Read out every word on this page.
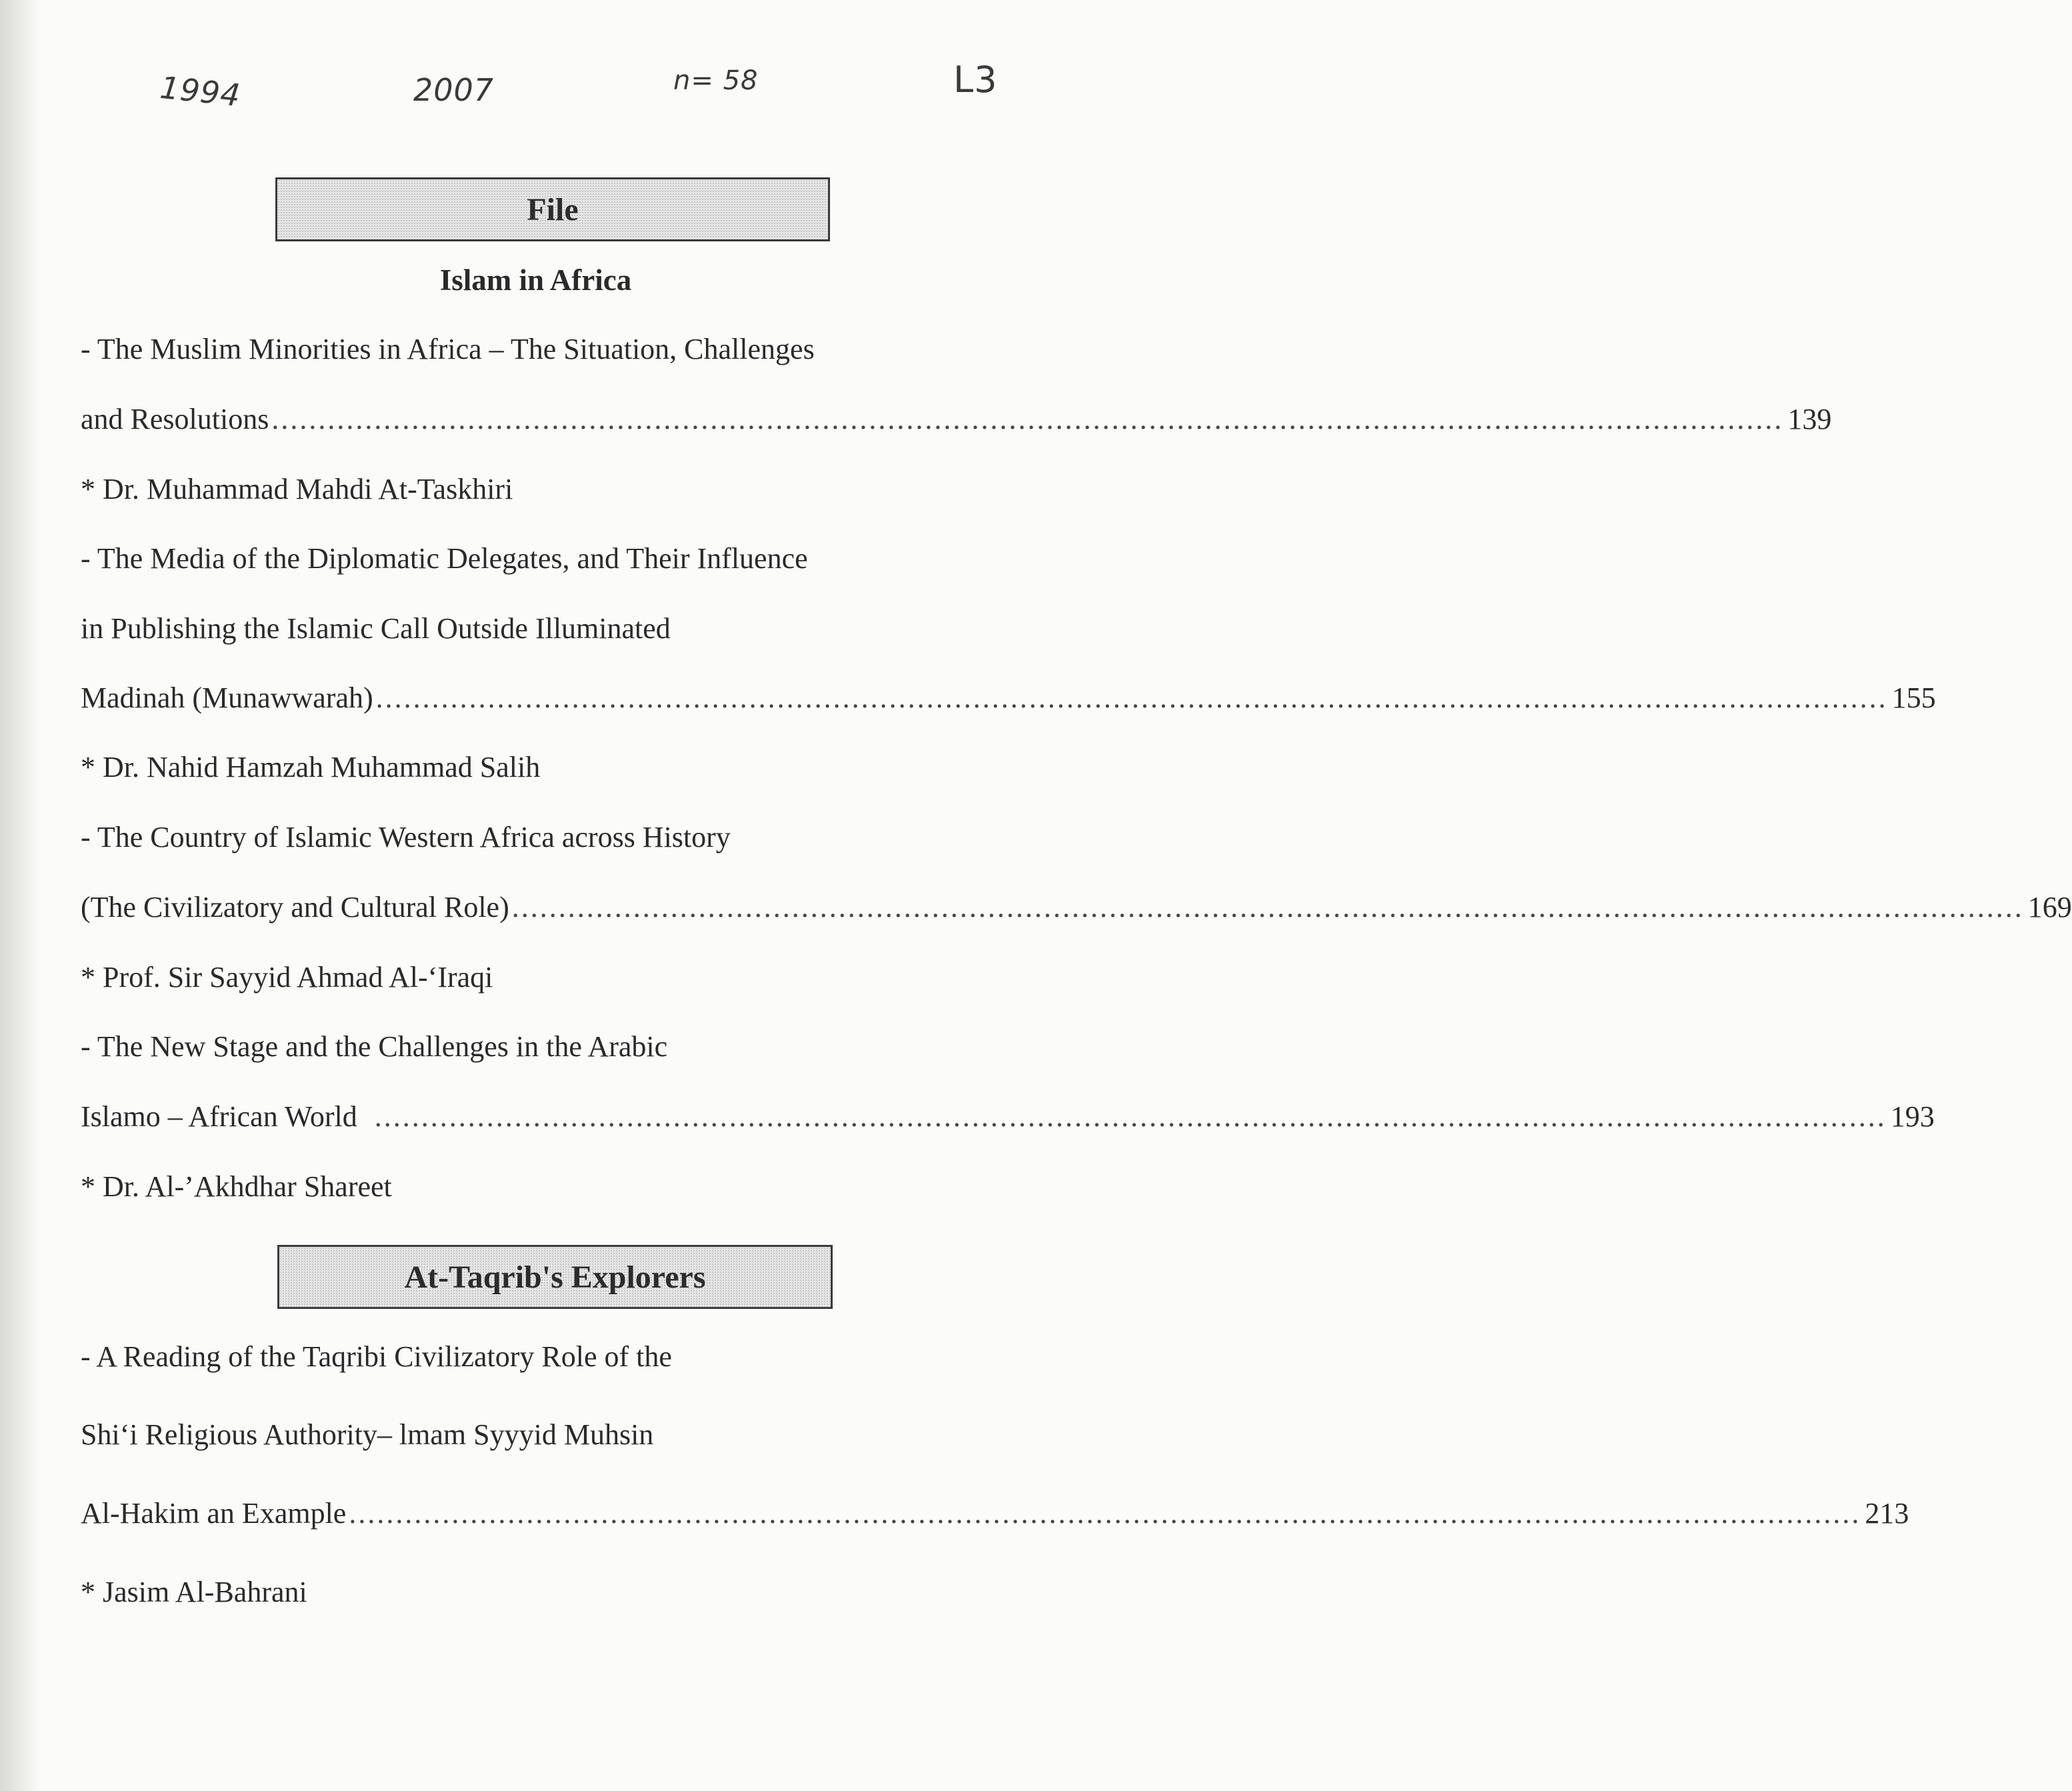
1994	2007	n= 58	L3
File
Islam in Africa
- The Muslim Minorities in Africa – The Situation, Challenges
and Resolutions .................................................................................................................................................................. 139
* Dr. Muhammad Mahdi At-Taskhiri
- The Media of the Diplomatic Delegates, and Their Influence
in Publishing the Islamic Call Outside Illuminated
Madinah (Munawwarah) .................................................................................................................................................................. 155
* Dr. Nahid Hamzah Muhammad Salih
- The Country of Islamic Western Africa across History
(The Civilizatory and Cultural Role) .................................................................................................................................................................. 169
* Prof. Sir Sayyid Ahmad Al-‘Iraqi
- The New Stage and the Challenges in the Arabic
Islamo – African World .................................................................................................................................................................. 193
* Dr. Al-’Akhdhar Shareet
At-Taqrib's Explorers
- A Reading of the Taqribi Civilizatory Role of the
Shi‘i Religious Authority– lmam Syyyid Muhsin
Al-Hakim an Example .................................................................................................................................................................. 213
* Jasim Al-Bahrani
